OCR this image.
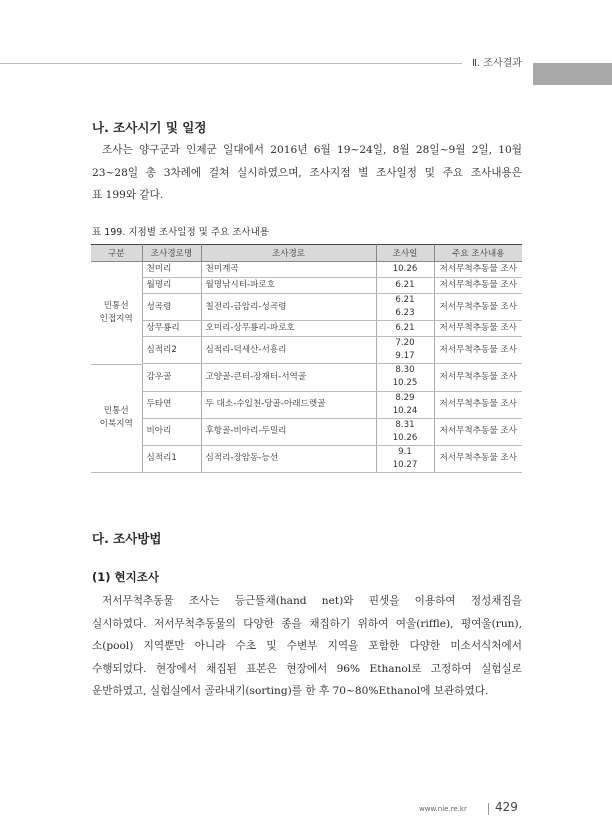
Ⅱ. 조사결과
나. 조사시기 및 일정
조사는 양구군과 인제군 일대에서 2016년 6월 19~24일, 8월 28일~9월 2일, 10월
23~28일 총 3차례에 걸쳐 실시하였으며, 조사지점 별 조사일정 및 주요 조사내용은
표 199와 같다.
표 199. 지점별 조사일정 및 주요 조사내용
구분	조사경로명	조사경로	조사일	주요 조사내용
민통선
인접지역	천미리	천미계곡	10.26	저서무척추동물 조사
	월명리	월명낚시터-파로호	6.21	저서무척추동물 조사
	성곡령	칠전리-금암리-성곡령	6.21
6.23	저서무척추동물 조사
	상무룡리	오미리-상무룡리-파로호	6.21	저서무척추동물 조사
	심적리2	심적리-덕세산-서흥리	7.20
9.17	저서무척추동물 조사

민통선
이북지역	감우골	고양골-큰터-장재터-서역골	8.30
10.25	저서무척추동물 조사
	두타연	두 대소-수입천-당골-아래드렛골	8.29
10.24	저서무척추동물 조사
	비아리	후항골-비아리-두밀리	8.31
10.26	저서무척추동물 조사
	심적리1	심적리-장암동-능선	9.1
10.27	저서무척추동물 조사
다. 조사방법
(1) 현지조사
저서무척추동물 조사는 등근뜰채(hand net)와 핀셋을 이용하여 정성채집을
실시하였다. 저서무척추동물의 다양한 종을 채집하기 위하여 여울(riffle), 평여울(run),
소(pool) 지역뿐만 아니라 수초 및 수변부 지역을 포함한 다양한 미소서식처에서
수행되었다. 현장에서 채집된 표본은 현장에서 96% Ethanol로 고정하여 실험실로
운반하였고, 실험실에서 골라내기(sorting)를 한 후 70~80%Ethanol에 보관하였다.
www.nie.re.kr 429
